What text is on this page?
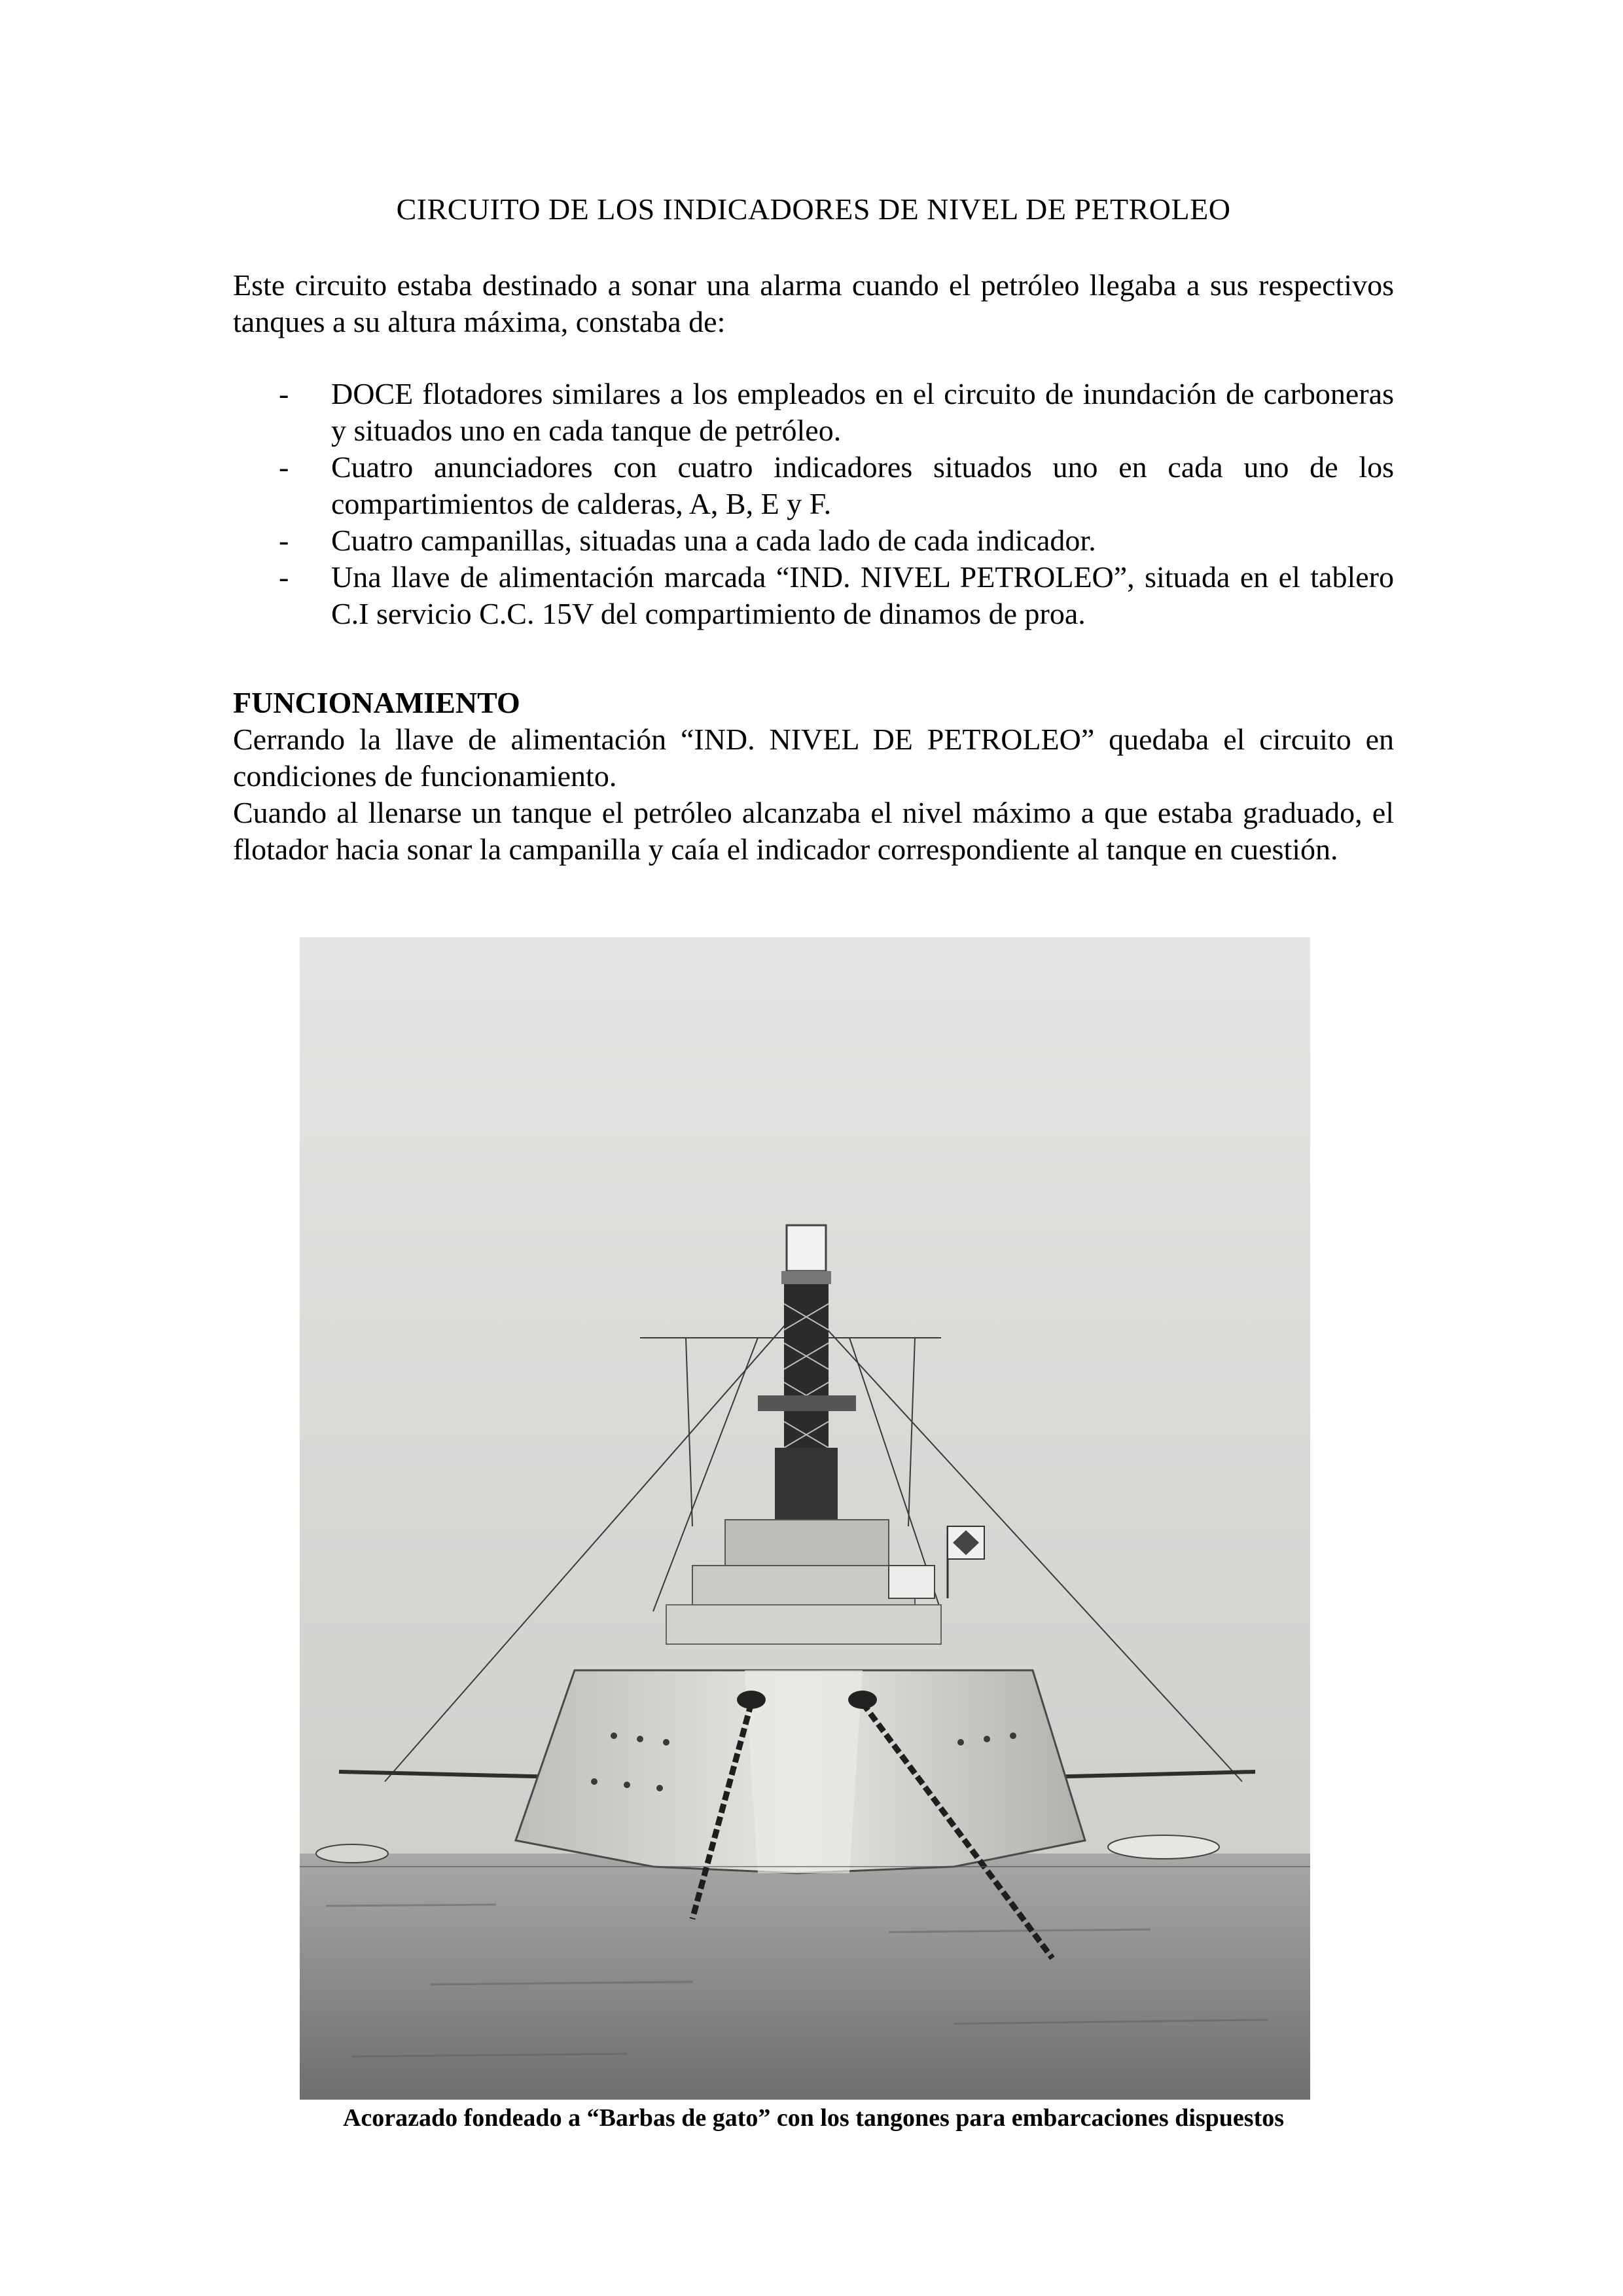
CIRCUITO DE LOS INDICADORES DE NIVEL DE PETROLEO

Este circuito estaba destinado a sonar una alarma cuando el petróleo llegaba a sus respectivos tanques a su altura máxima, constaba de:

- DOCE flotadores similares a los empleados en el circuito de inundación de carboneras y situados uno en cada tanque de petróleo.
- Cuatro anunciadores con cuatro indicadores situados uno en cada uno de los compartimientos de calderas, A, B, E y F.
- Cuatro campanillas, situadas una a cada lado de cada indicador.
- Una llave de alimentación marcada “IND. NIVEL PETROLEO”, situada en el tablero C.I servicio C.C. 15V del compartimiento de dinamos de proa.
FUNCIONAMIENTO

Cerrando la llave de alimentación “IND. NIVEL DE PETROLEO” quedaba el circuito en condiciones de funcionamiento.

Cuando al llenarse un tanque el petróleo alcanzaba el nivel máximo a que estaba graduado, el flotador hacia sonar la campanilla y caía el indicador correspondiente al tanque en cuestión.

Acorazado fondeado a “Barbas de gato” con los tangones para embarcaciones dispuestos
